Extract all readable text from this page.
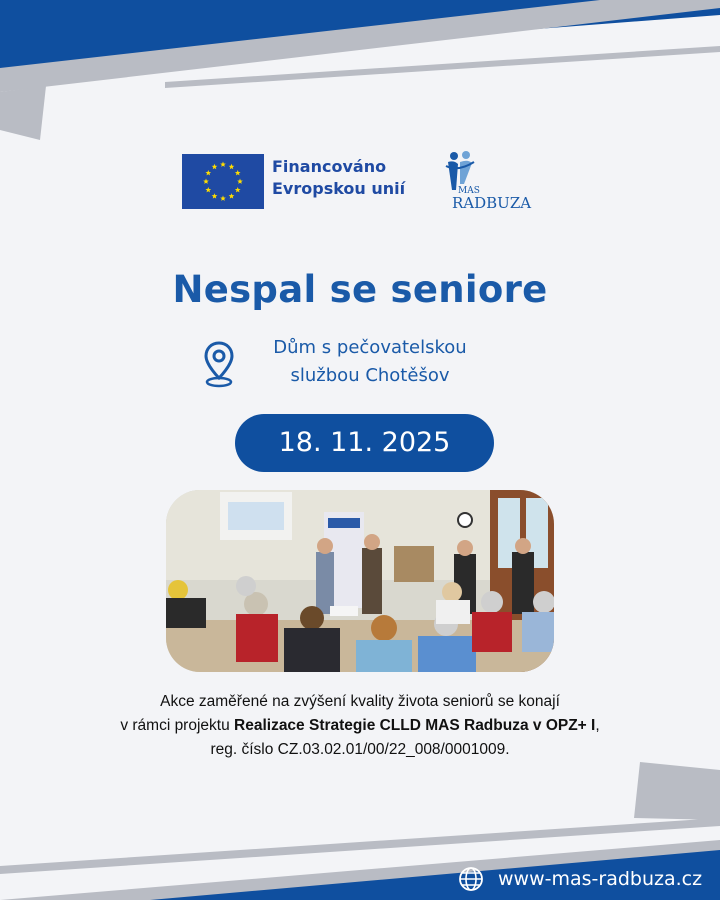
Financováno
Evropskou unií	MAS
RADBUZA
Nespal se seniore
Dům s pečovatelskou
službou Chotěšov
18. 11. 2025
Akce zaměřené na zvýšení kvality života seniorů se konají
v rámci projektu Realizace Strategie CLLD MAS Radbuza v OPZ+ I,
reg. číslo CZ.03.02.01/00/22_008/0001009.
www-mas-radbuza.cz
